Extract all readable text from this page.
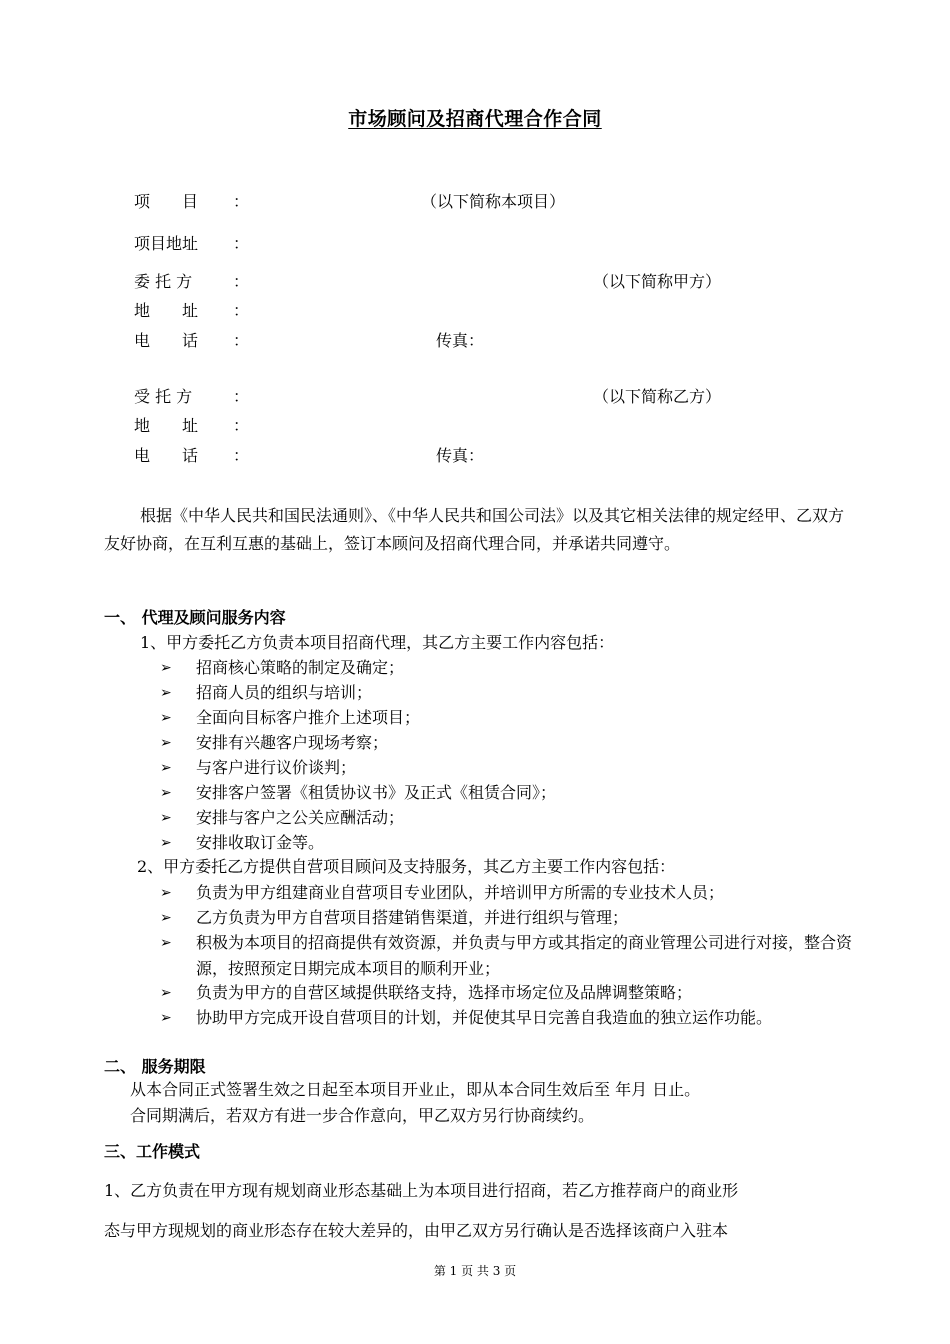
市场顾问及招商代理合作合同
项　　目 ：	（以下简称本项目）
项目地址 ：
委 托 方	：	（以下简称甲方）
地　　址 ：
电　　话 ：	传真：
受 托 方	：	（以下简称乙方）
地　　址 ：
电　　话 ：	传真：
根据《中华人民共和国民法通则》、《中华人民共和国公司法》以及其它相关法律的规定经甲、乙双方友好协商，在互利互惠的基础上，签订本顾问及招商代理合同，并承诺共同遵守。
一、 代理及顾问服务内容
1、甲方委托乙方负责本项目招商代理，其乙方主要工作内容包括：
➢ 招商核心策略的制定及确定；
➢ 招商人员的组织与培训；
➢ 全面向目标客户推介上述项目；
➢ 安排有兴趣客户现场考察；
➢ 与客户进行议价谈判；
➢ 安排客户签署《租赁协议书》及正式《租赁合同》；
➢ 安排与客户之公关应酬活动；
➢ 安排收取订金等。
2、甲方委托乙方提供自营项目顾问及支持服务，其乙方主要工作内容包括：
➢ 负责为甲方组建商业自营项目专业团队，并培训甲方所需的专业技术人员；
➢ 乙方负责为甲方自营项目搭建销售渠道，并进行组织与管理；
➢ 积极为本项目的招商提供有效资源，并负责与甲方或其指定的商业管理公司进行对接，整合资源，按照预定日期完成本项目的顺利开业；
➢ 负责为甲方的自营区域提供联络支持，选择市场定位及品牌调整策略；
➢ 协助甲方完成开设自营项目的计划，并促使其早日完善自我造血的独立运作功能。
二、 服务期限
从本合同正式签署生效之日起至本项目开业止，即从本合同生效后至 年月 日止。
合同期满后，若双方有进一步合作意向，甲乙双方另行协商续约。
三、工作模式
1、乙方负责在甲方现有规划商业形态基础上为本项目进行招商，若乙方推荐商户的商业形
态与甲方现规划的商业形态存在较大差异的，由甲乙双方另行确认是否选择该商户入驻本
第 1 页 共 3 页
